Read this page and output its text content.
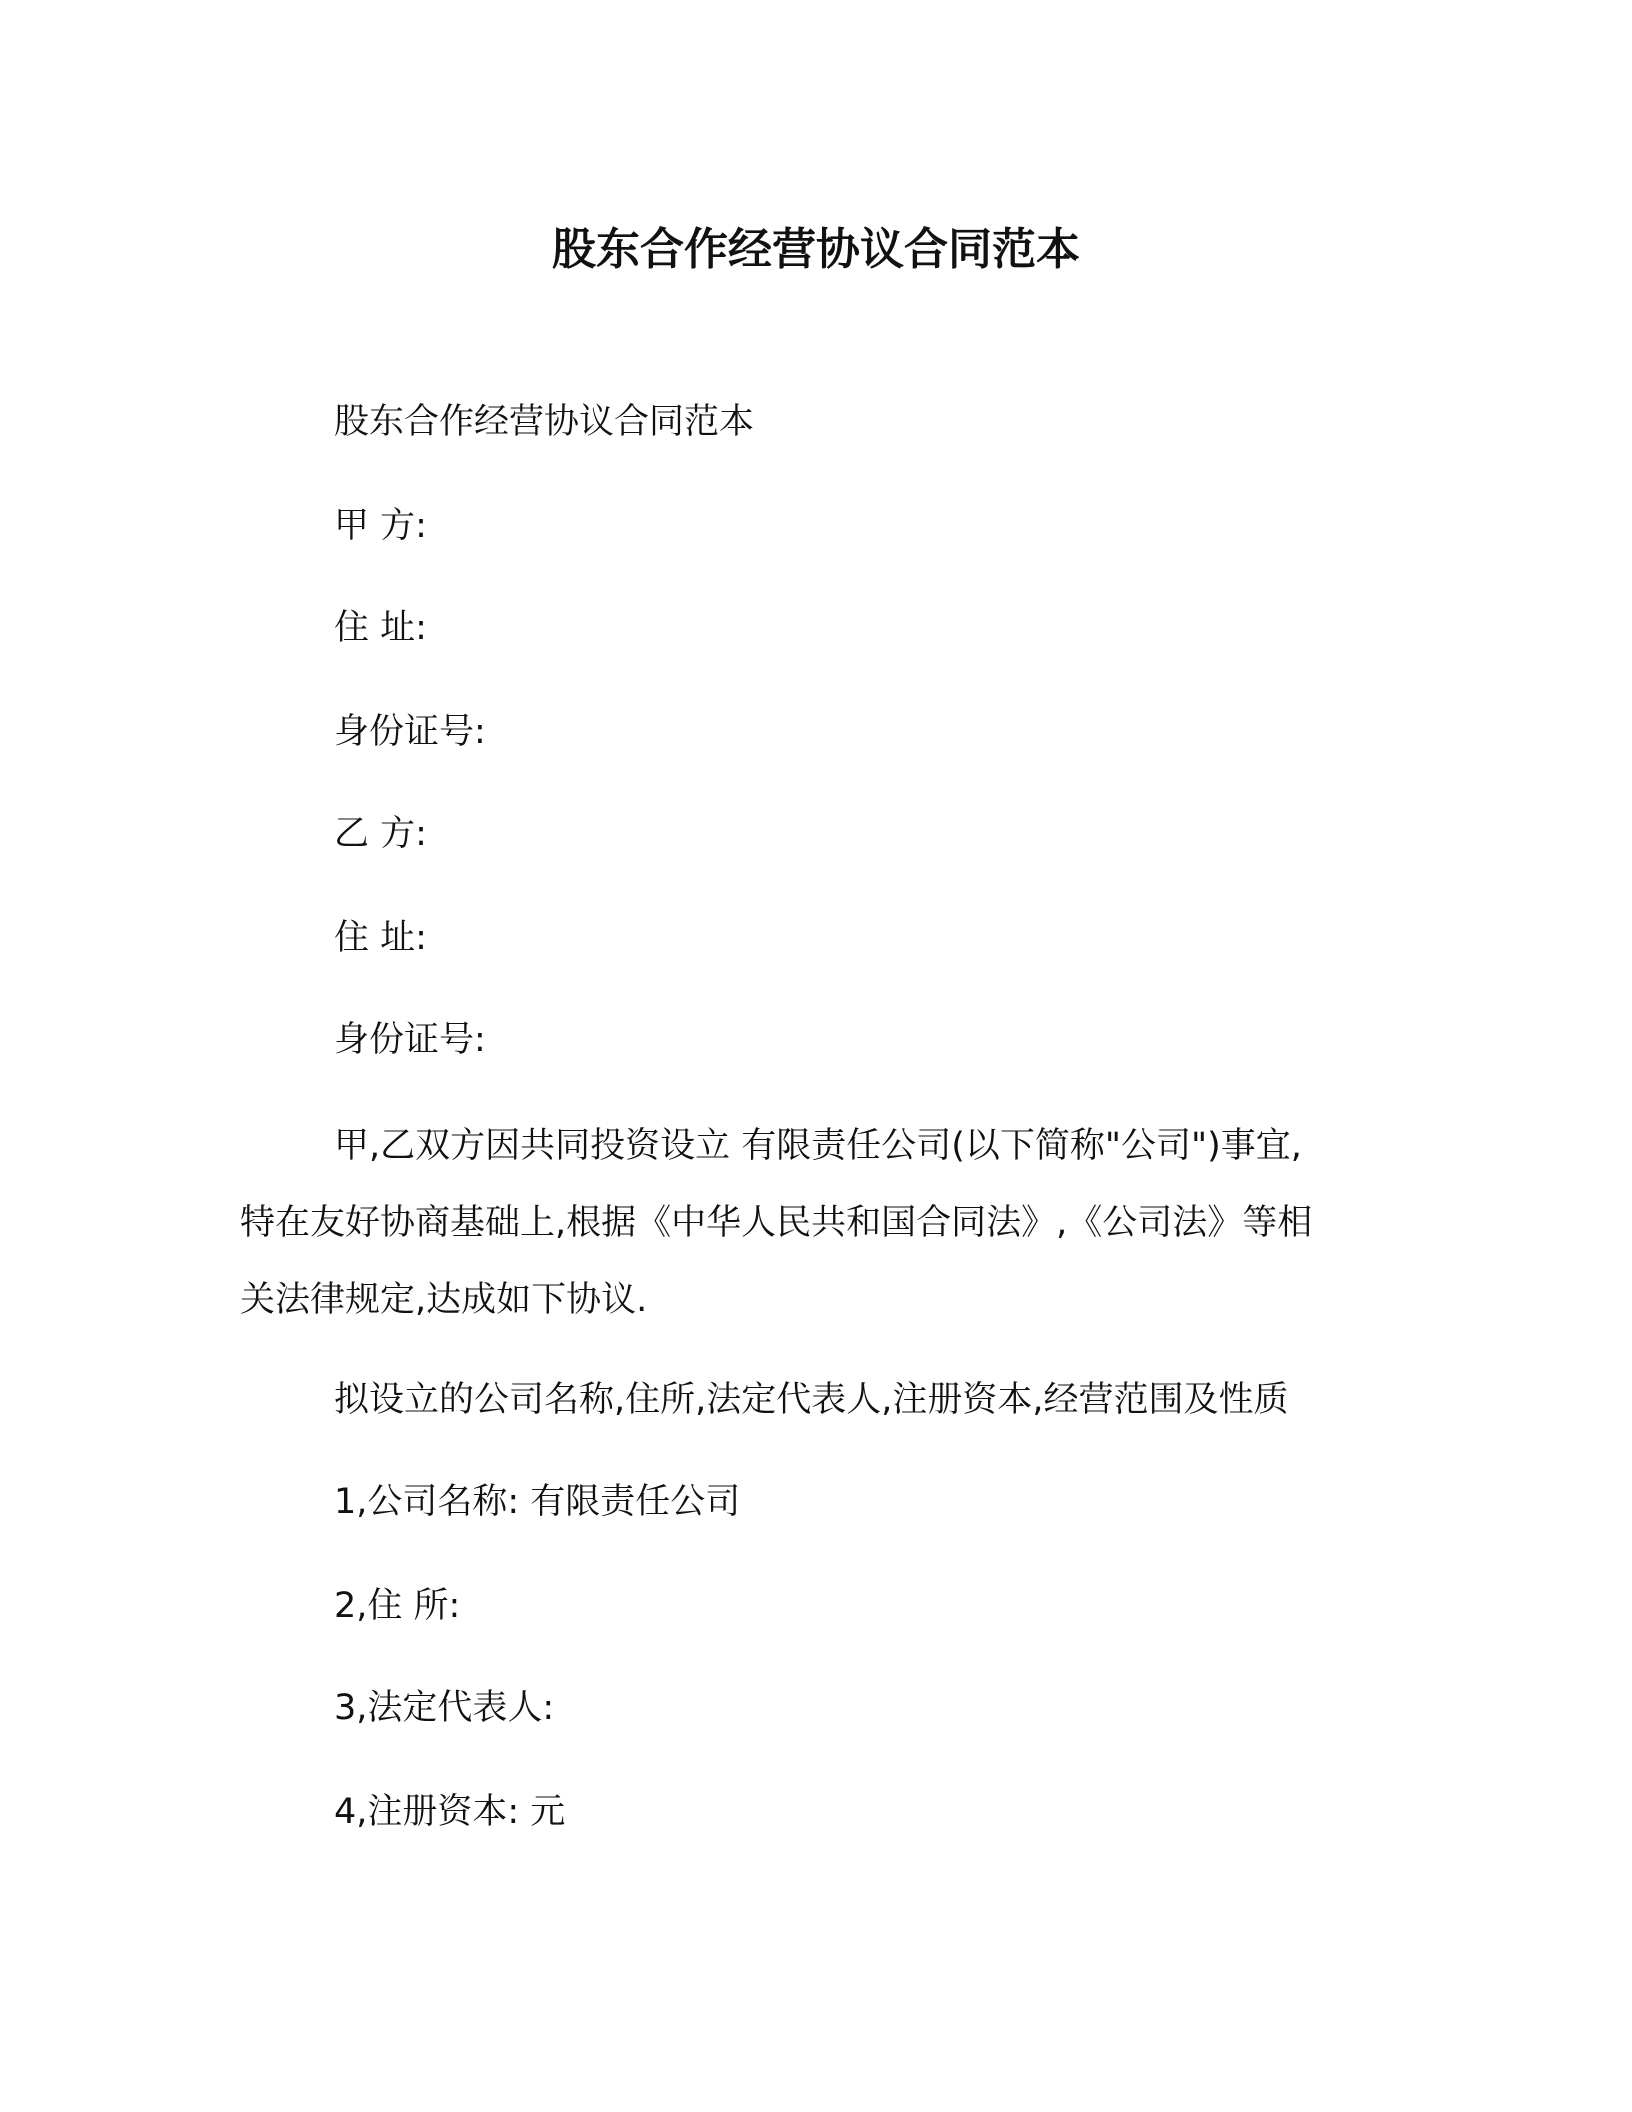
股东合作经营协议合同范本

股东合作经营协议合同范本

甲 方:

住 址:

身份证号:

乙 方:

住 址:

身份证号:

甲,乙双方因共同投资设立 有限责任公司(以下简称"公司")事宜,
特在友好协商基础上,根据《中华人民共和国合同法》,《公司法》等相
关法律规定,达成如下协议.

拟设立的公司名称,住所,法定代表人,注册资本,经营范围及性质

1,公司名称: 有限责任公司

2,住 所:

3,法定代表人:

4,注册资本: 元
